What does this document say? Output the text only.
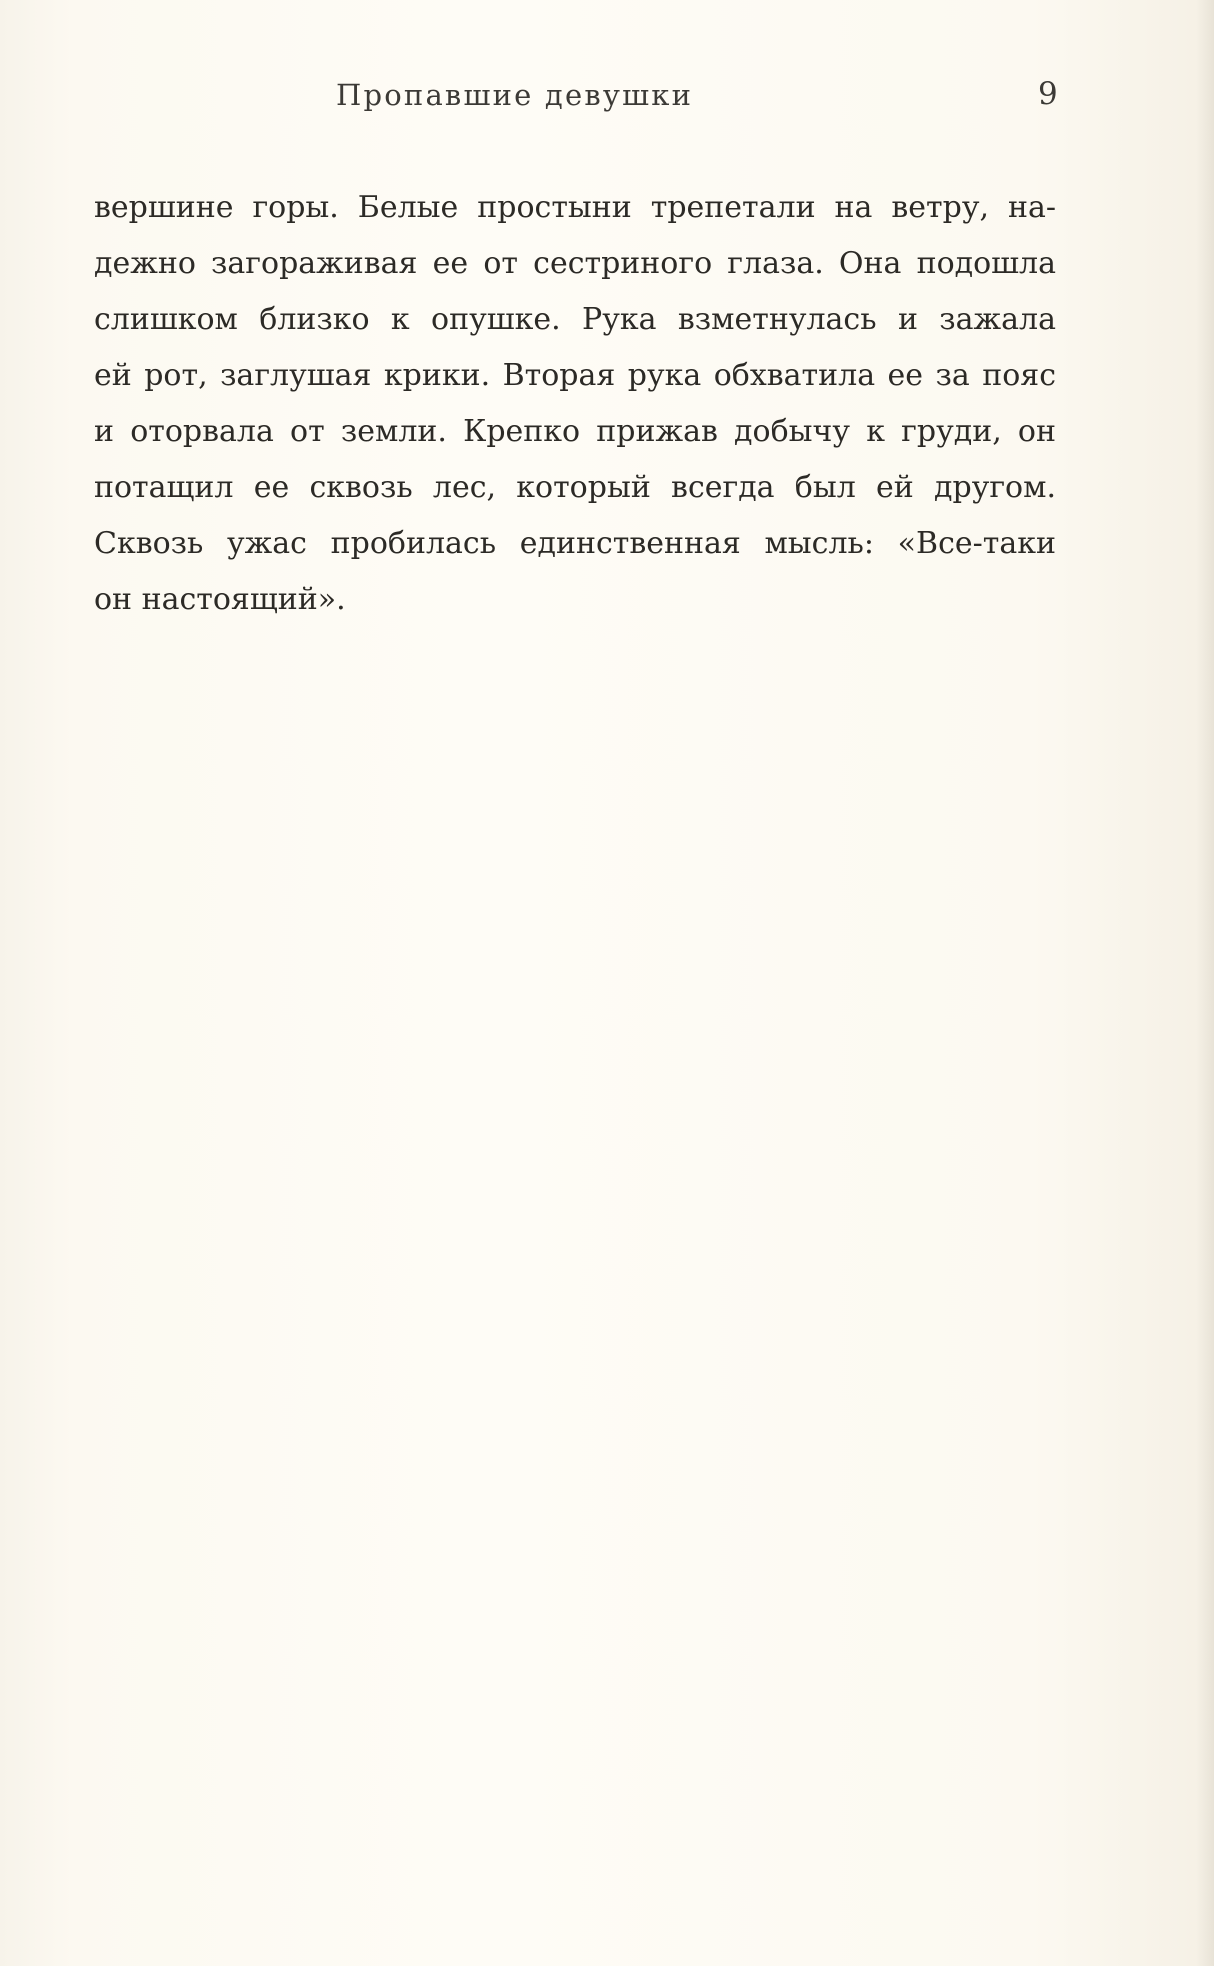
Пропавшие девушки	9
вершине горы. Белые простыни трепетали на ветру, на-
дежно загораживая ее от сестриного глаза. Она подошла
слишком близко к опушке. Рука взметнулась и зажала
ей рот, заглушая крики. Вторая рука обхватила ее за пояс
и оторвала от земли. Крепко прижав добычу к груди, он
потащил ее сквозь лес, который всегда был ей другом.
Сквозь ужас пробилась единственная мысль: «Все-таки
он настоящий».
